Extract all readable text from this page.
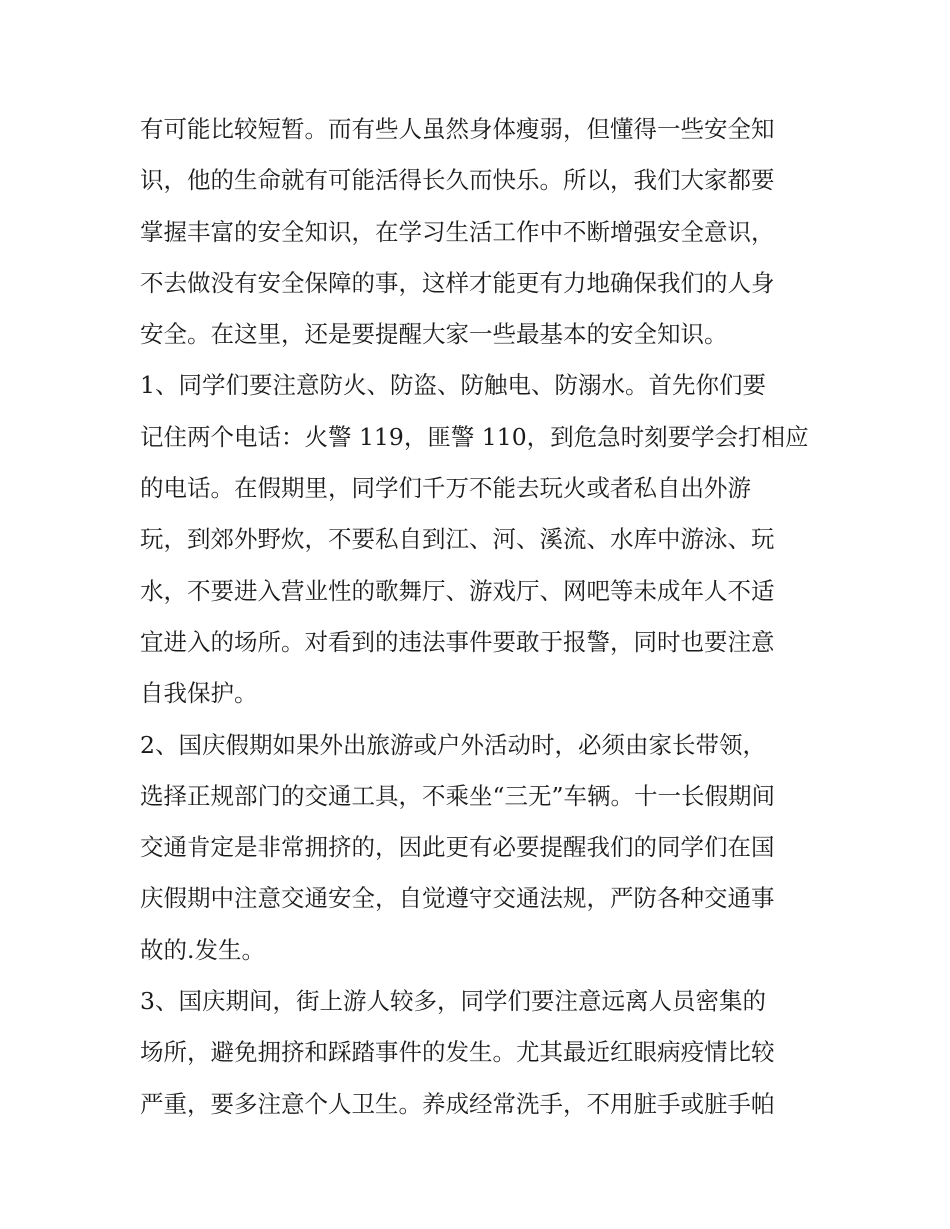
有可能比较短暂。而有些人虽然身体瘦弱，但懂得一些安全知
识，他的生命就有可能活得长久而快乐。所以，我们大家都要
掌握丰富的安全知识，在学习生活工作中不断增强安全意识，
不去做没有安全保障的事，这样才能更有力地确保我们的人身
安全。在这里，还是要提醒大家一些最基本的安全知识。
1、同学们要注意防火、防盗、防触电、防溺水。首先你们要
记住两个电话：火警 119，匪警 110，到危急时刻要学会打相应
的电话。在假期里，同学们千万不能去玩火或者私自出外游
玩，到郊外野炊，不要私自到江、河、溪流、水库中游泳、玩
水，不要进入营业性的歌舞厅、游戏厅、网吧等未成年人不适
宜进入的场所。对看到的违法事件要敢于报警，同时也要注意
自我保护。
2、国庆假期如果外出旅游或户外活动时，必须由家长带领，
选择正规部门的交通工具，不乘坐“三无”车辆。十一长假期间
交通肯定是非常拥挤的，因此更有必要提醒我们的同学们在国
庆假期中注意交通安全，自觉遵守交通法规，严防各种交通事
故的.发生。
3、国庆期间，街上游人较多，同学们要注意远离人员密集的
场所，避免拥挤和踩踏事件的发生。尤其最近红眼病疫情比较
严重，要多注意个人卫生。养成经常洗手，不用脏手或脏手帕
